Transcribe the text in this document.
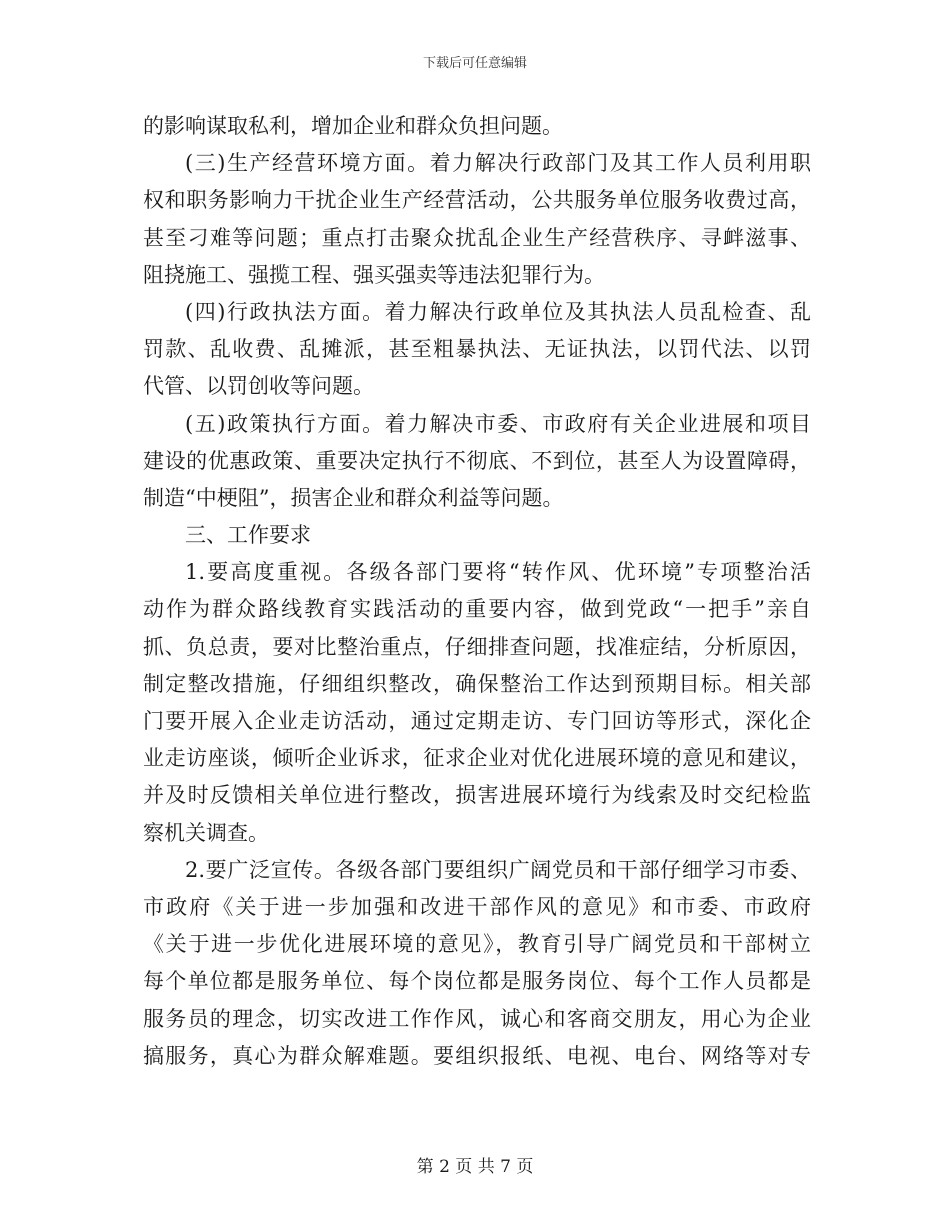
下载后可任意编辑
的影响谋取私利，增加企业和群众负担问题。
(三)生产经营环境方面。着力解决行政部门及其工作人员利用职
权和职务影响力干扰企业生产经营活动，公共服务单位服务收费过高，
甚至刁难等问题；重点打击聚众扰乱企业生产经营秩序、寻衅滋事、
阻挠施工、强揽工程、强买强卖等违法犯罪行为。
(四)行政执法方面。着力解决行政单位及其执法人员乱检查、乱
罚款、乱收费、乱摊派，甚至粗暴执法、无证执法，以罚代法、以罚
代管、以罚创收等问题。
(五)政策执行方面。着力解决市委、市政府有关企业进展和项目
建设的优惠政策、重要决定执行不彻底、不到位，甚至人为设置障碍，
制造“中梗阻”，损害企业和群众利益等问题。
三、工作要求
1.要高度重视。各级各部门要将“转作风、优环境”专项整治活
动作为群众路线教育实践活动的重要内容，做到党政“一把手”亲自
抓、负总责，要对比整治重点，仔细排查问题，找准症结，分析原因，
制定整改措施，仔细组织整改，确保整治工作达到预期目标。相关部
门要开展入企业走访活动，通过定期走访、专门回访等形式，深化企
业走访座谈，倾听企业诉求，征求企业对优化进展环境的意见和建议，
并及时反馈相关单位进行整改，损害进展环境行为线索及时交纪检监
察机关调查。
2.要广泛宣传。各级各部门要组织广阔党员和干部仔细学习市委、
市政府《关于进一步加强和改进干部作风的意见》和市委、市政府
《关于进一步优化进展环境的意见》，教育引导广阔党员和干部树立
每个单位都是服务单位、每个岗位都是服务岗位、每个工作人员都是
服务员的理念，切实改进工作作风，诚心和客商交朋友，用心为企业
搞服务，真心为群众解难题。要组织报纸、电视、电台、网络等对专
第 2 页 共 7 页
